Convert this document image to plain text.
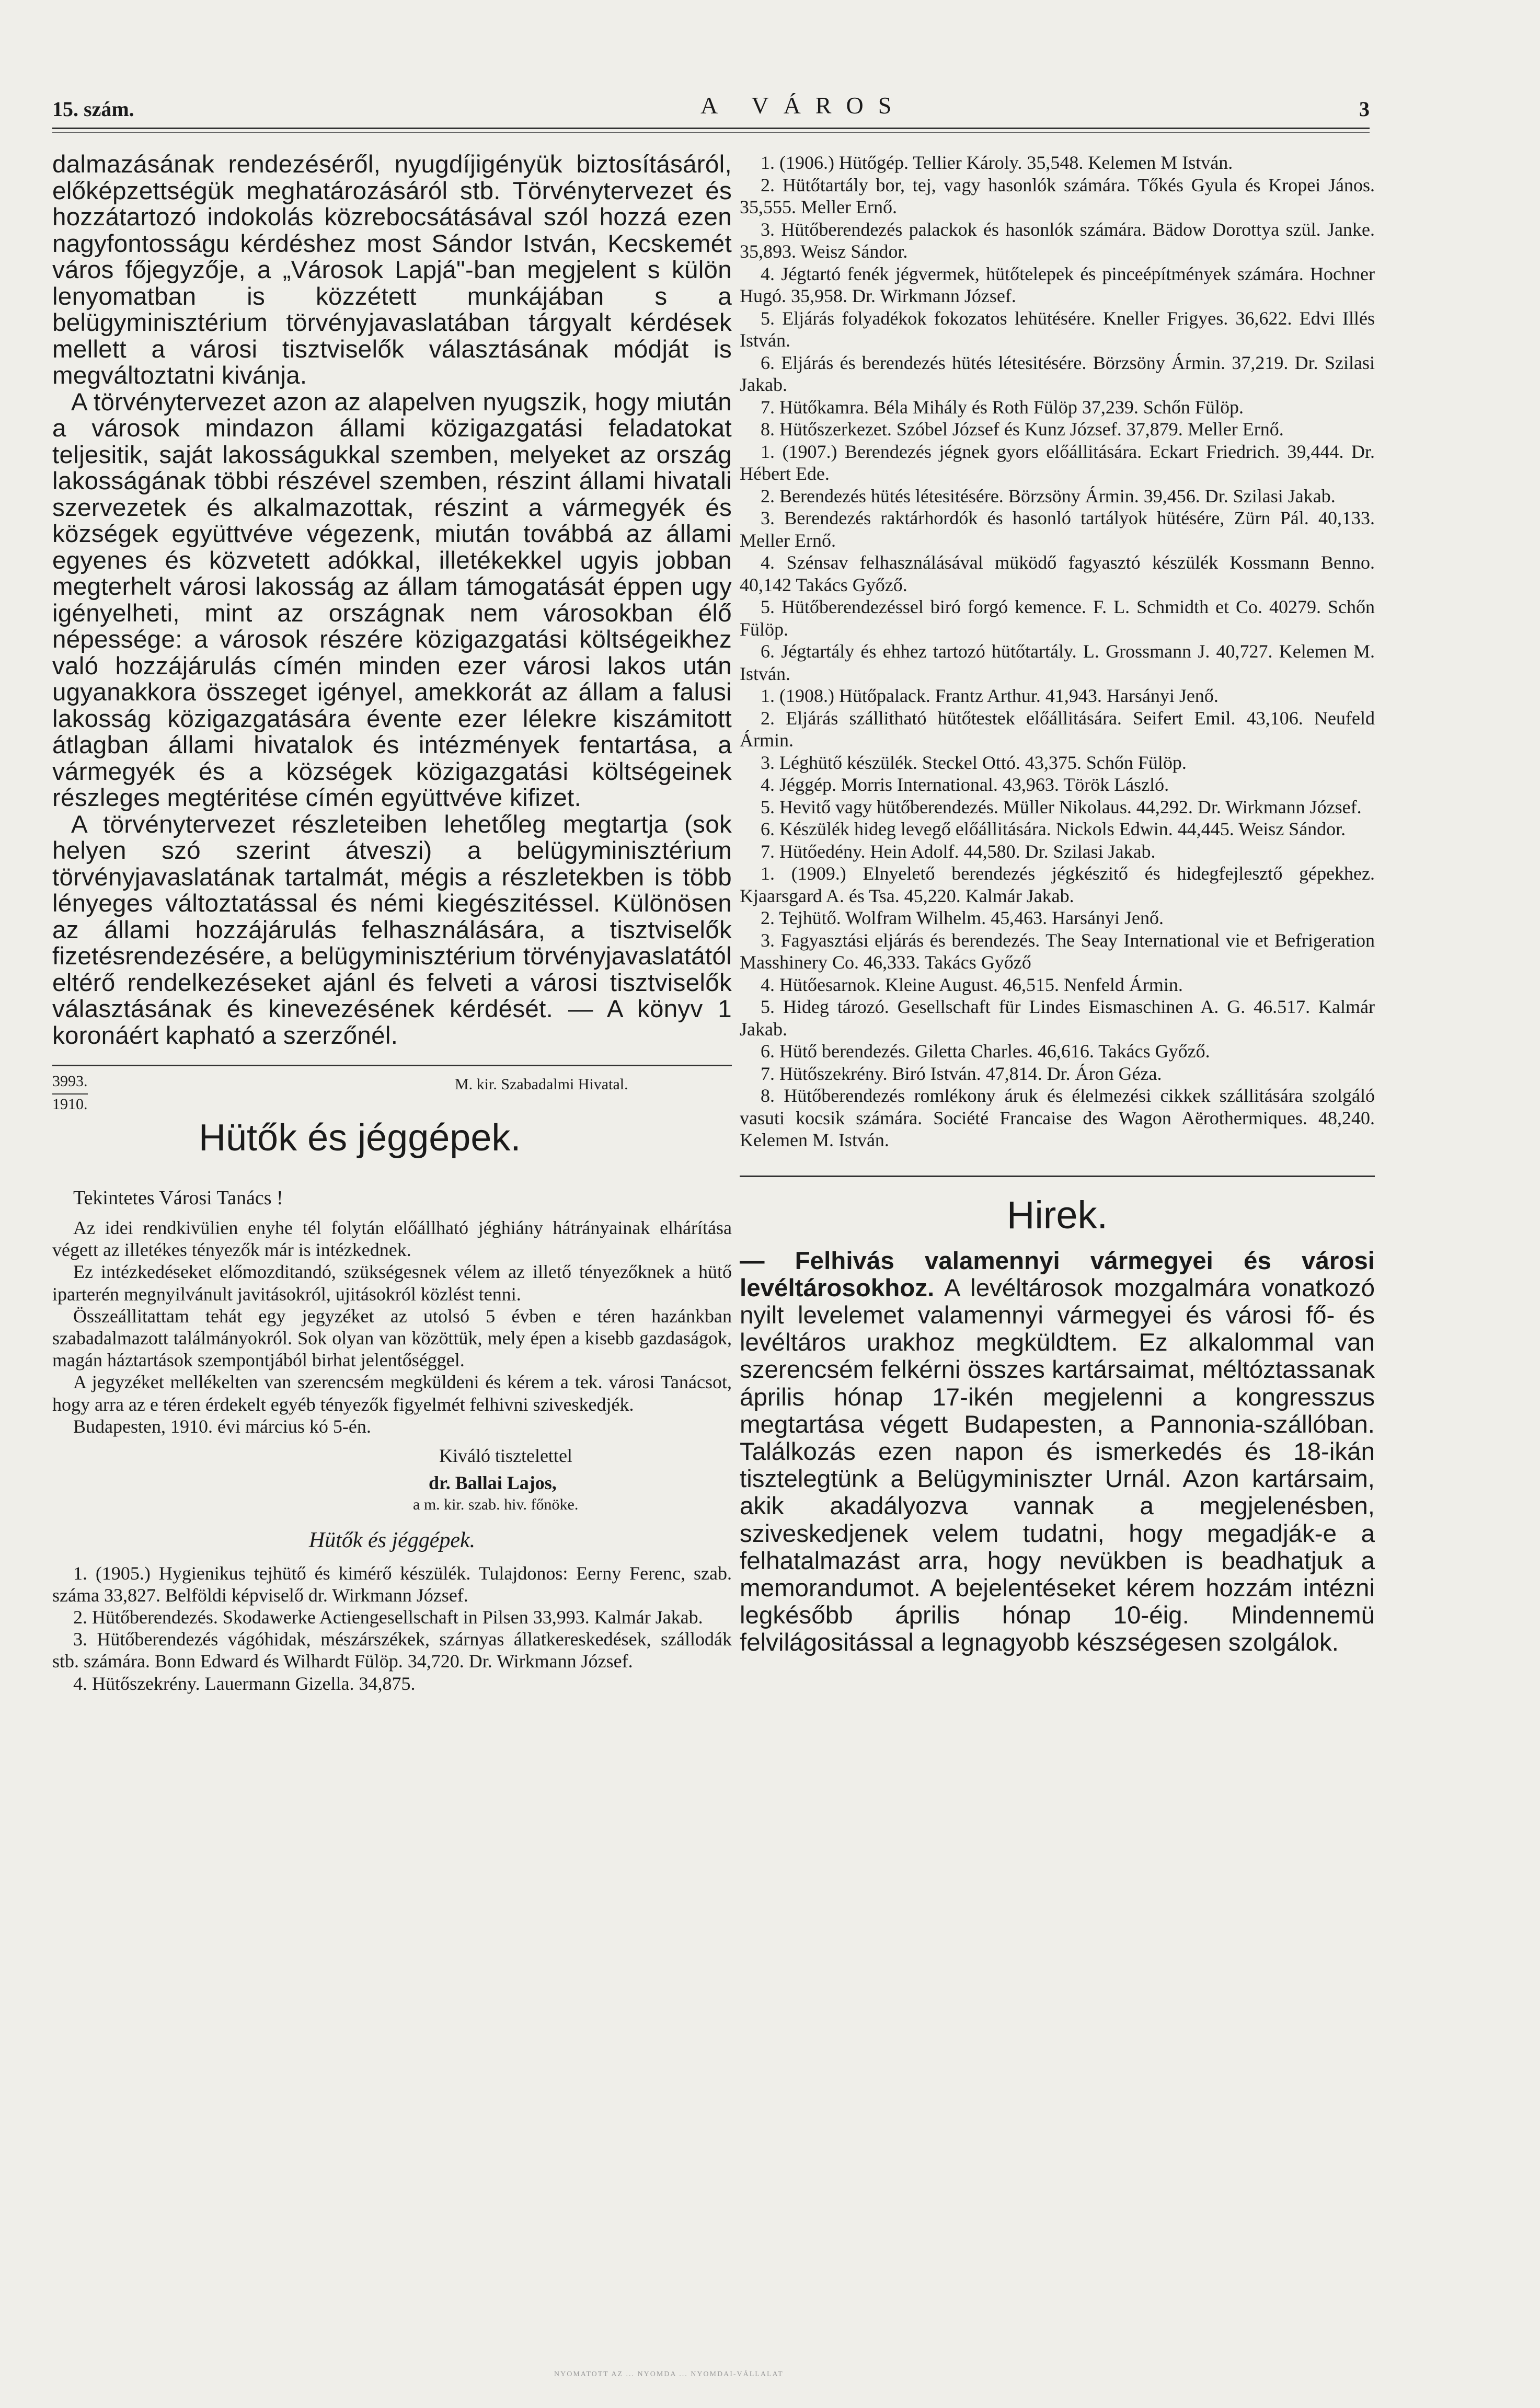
15. szám.	A VÁROS	3

dalmazásának rendezéséről, nyugdíjigényük biztosításáról, előképzettségük meghatározásáról stb. Törvénytervezet és hozzátartozó indokolás közrebocsátásával szól hozzá ezen nagyfontosságu kérdéshez most Sándor István, Kecskemét város főjegyzője, a „Városok Lapjá"-ban megjelent s külön lenyomatban is közzétett munkájában s a belügyminisztérium törvényjavaslatában tárgyalt kérdések mellett a városi tisztviselők választásának módját is megváltoztatni kivánja.

A törvénytervezet azon az alapelven nyugszik, hogy miután a városok mindazon állami közigazgatási feladatokat teljesitik, saját lakosságukkal szemben, melyeket az ország lakosságának többi részével szemben, részint állami hivatali szervezetek és alkalmazottak, részint a vármegyék és községek együttvéve végezenk, miután továbbá az állami egyenes és közvetett adókkal, illetékekkel ugyis jobban megterhelt városi lakosság az állam támogatását éppen ugy igényelheti, mint az országnak nem városokban élő népessége: a városok részére közigazgatási költségeikhez való hozzájárulás címén minden ezer városi lakos után ugyanakkora összeget igényel, amekkorát az állam a falusi lakosság közigazgatására évente ezer lélekre kiszámitott átlagban állami hivatalok és intézmények fentartása, a vármegyék és a községek közigazgatási költségeinek részleges megtéritése címén együttvéve kifizet.

A törvénytervezet részleteiben lehetőleg megtartja (sok helyen szó szerint átveszi) a belügyminisztérium törvényjavaslatának tartalmát, mégis a részletekben is több lényeges változtatással és némi kiegészitéssel. Különösen az állami hozzájárulás felhasználására, a tisztviselők fizetésrendezésére, a belügyminisztérium törvényjavaslatától eltérő rendelkezéseket ajánl és felveti a városi tisztviselők választásának és kinevezésének kérdését. — A könyv 1 koronáért kapható a szerzőnél.

3993.
1910.
M. kir. Szabadalmi Hivatal.
Hütők és jéggépek.
Tekintetes Városi Tanács !

Az idei rendkivülien enyhe tél folytán előállható jéghiány hátrányainak elhárítása végett az illetékes tényezők már is intézkednek.

Ez intézkedéseket előmozditandó, szükségesnek vélem az illető tényezőknek a hütő iparterén megnyilvánult javitásokról, ujitásokról közlést tenni.

Összeállitattam tehát egy jegyzéket az utolsó 5 évben e téren hazánkban szabadalmazott találmányokról. Sok olyan van közöttük, mely épen a kisebb gazdaságok, magán háztartások szempontjából birhat jelentőséggel.

A jegyzéket mellékelten van szerencsém megküldeni és kérem a tek. városi Tanácsot, hogy arra az e téren érdekelt egyéb tényezők figyelmét felhivni sziveskedjék.

Budapesten, 1910. évi március kó 5-én.

Kiváló tisztelettel

dr. Ballai Lajos,

a m. kir. szab. hiv. főnöke.

Hütők és jéggépek.

1. (1905.) Hygienikus tejhütő és kimérő készülék. Tulajdonos: Eerny Ferenc, szab. száma 33,827. Belföldi képviselő dr. Wirkmann József.

2. Hütőberendezés. Skodawerke Actiengesellschaft in Pilsen 33,993. Kalmár Jakab.

3. Hütőberendezés vágóhidak, mészárszékek, szárnyas állatkereskedések, szállodák stb. számára. Bonn Edward és Wilhardt Fülöp. 34,720. Dr. Wirkmann József.

4. Hütőszekrény. Lauermann Gizella. 34,875.

1. (1906.) Hütőgép. Tellier Károly. 35,548. Kelemen M István.

2. Hütőtartály bor, tej, vagy hasonlók számára. Tőkés Gyula és Kropei János. 35,555. Meller Ernő.

3. Hütőberendezés palackok és hasonlók számára. Bädow Dorottya szül. Janke. 35,893. Weisz Sándor.

4. Jégtartó fenék jégvermek, hütőtelepek és pinceépítmények számára. Hochner Hugó. 35,958. Dr. Wirkmann József.

5. Eljárás folyadékok fokozatos lehütésére. Kneller Frigyes. 36,622. Edvi Illés István.

6. Eljárás és berendezés hütés létesitésére. Börzsöny Ármin. 37,219. Dr. Szilasi Jakab.

7. Hütőkamra. Béla Mihály és Roth Fülöp 37,239. Schőn Fülöp.

8. Hütőszerkezet. Szóbel József és Kunz József. 37,879. Meller Ernő.

1. (1907.) Berendezés jégnek gyors előállitására. Eckart Friedrich. 39,444. Dr. Hébert Ede.

2. Berendezés hütés létesitésére. Börzsöny Ármin. 39,456. Dr. Szilasi Jakab.

3. Berendezés raktárhordók és hasonló tartályok hütésére, Zürn Pál. 40,133. Meller Ernő.

4. Szénsav felhasználásával müködő fagyasztó készülék Kossmann Benno. 40,142 Takács Győző.

5. Hütőberendezéssel biró forgó kemence. F. L. Schmidth et Co. 40279. Schőn Fülöp.

6. Jégtartály és ehhez tartozó hütőtartály. L. Grossmann J. 40,727. Kelemen M. István.

1. (1908.) Hütőpalack. Frantz Arthur. 41,943. Harsányi Jenő.

2. Eljárás szállitható hütőtestek előállitására. Seifert Emil. 43,106. Neufeld Ármin.

3. Léghütő készülék. Steckel Ottó. 43,375. Schőn Fülöp.

4. Jéggép. Morris International. 43,963. Török László.

5. Hevitő vagy hütőberendezés. Müller Nikolaus. 44,292. Dr. Wirkmann József.

6. Készülék hideg levegő előállitására. Nickols Edwin. 44,445. Weisz Sándor.

7. Hütőedény. Hein Adolf. 44,580. Dr. Szilasi Jakab.

1. (1909.) Elnyelető berendezés jégkészitő és hidegfejlesztő gépekhez. Kjaarsgard A. és Tsa. 45,220. Kalmár Jakab.

2. Tejhütő. Wolfram Wilhelm. 45,463. Harsányi Jenő.

3. Fagyasztási eljárás és berendezés. The Seay International vie et Befrigeration Masshinery Co. 46,333. Takács Győző

4. Hütőesarnok. Kleine August. 46,515. Nenfeld Ármin.

5. Hideg tározó. Gesellschaft für Lindes Eismaschinen A. G. 46.517. Kalmár Jakab.

6. Hütő berendezés. Giletta Charles. 46,616. Takács Győző.

7. Hütőszekrény. Biró István. 47,814. Dr. Áron Géza.

8. Hütőberendezés romlékony áruk és élelmezési cikkek szállitására szolgáló vasuti kocsik számára. Société Francaise des Wagon Aërothermiques. 48,240. Kelemen M. István.

Hirek.

— Felhivás valamennyi vármegyei és városi levéltárosokhoz. A levéltárosok mozgalmára vonatkozó nyilt levelemet valamennyi vármegyei és városi fő- és levéltáros urakhoz megküldtem. Ez alkalommal van szerencsém felkérni összes kartársaimat, méltóztassanak április hónap 17-ikén megjelenni a kongresszus megtartása végett Budapesten, a Pannonia-szállóban. Találkozás ezen napon és ismerkedés és 18-ikán tisztelegtünk a Belügyminiszter Urnál. Azon kartársaim, akik akadályozva vannak a megjelenésben, sziveskedjenek velem tudatni, hogy megadják-e a felhatalmazást arra, hogy nevükben is beadhatjuk a memorandumot. A bejelentéseket kérem hozzám intézni legkésőbb április hónap 10-éig. Mindennemü felvilágositással a legnagyobb készségesen szolgálok.

NYOMATOTT AZ ... NYOMDA ... NYOMDAI-VÁLLALAT
